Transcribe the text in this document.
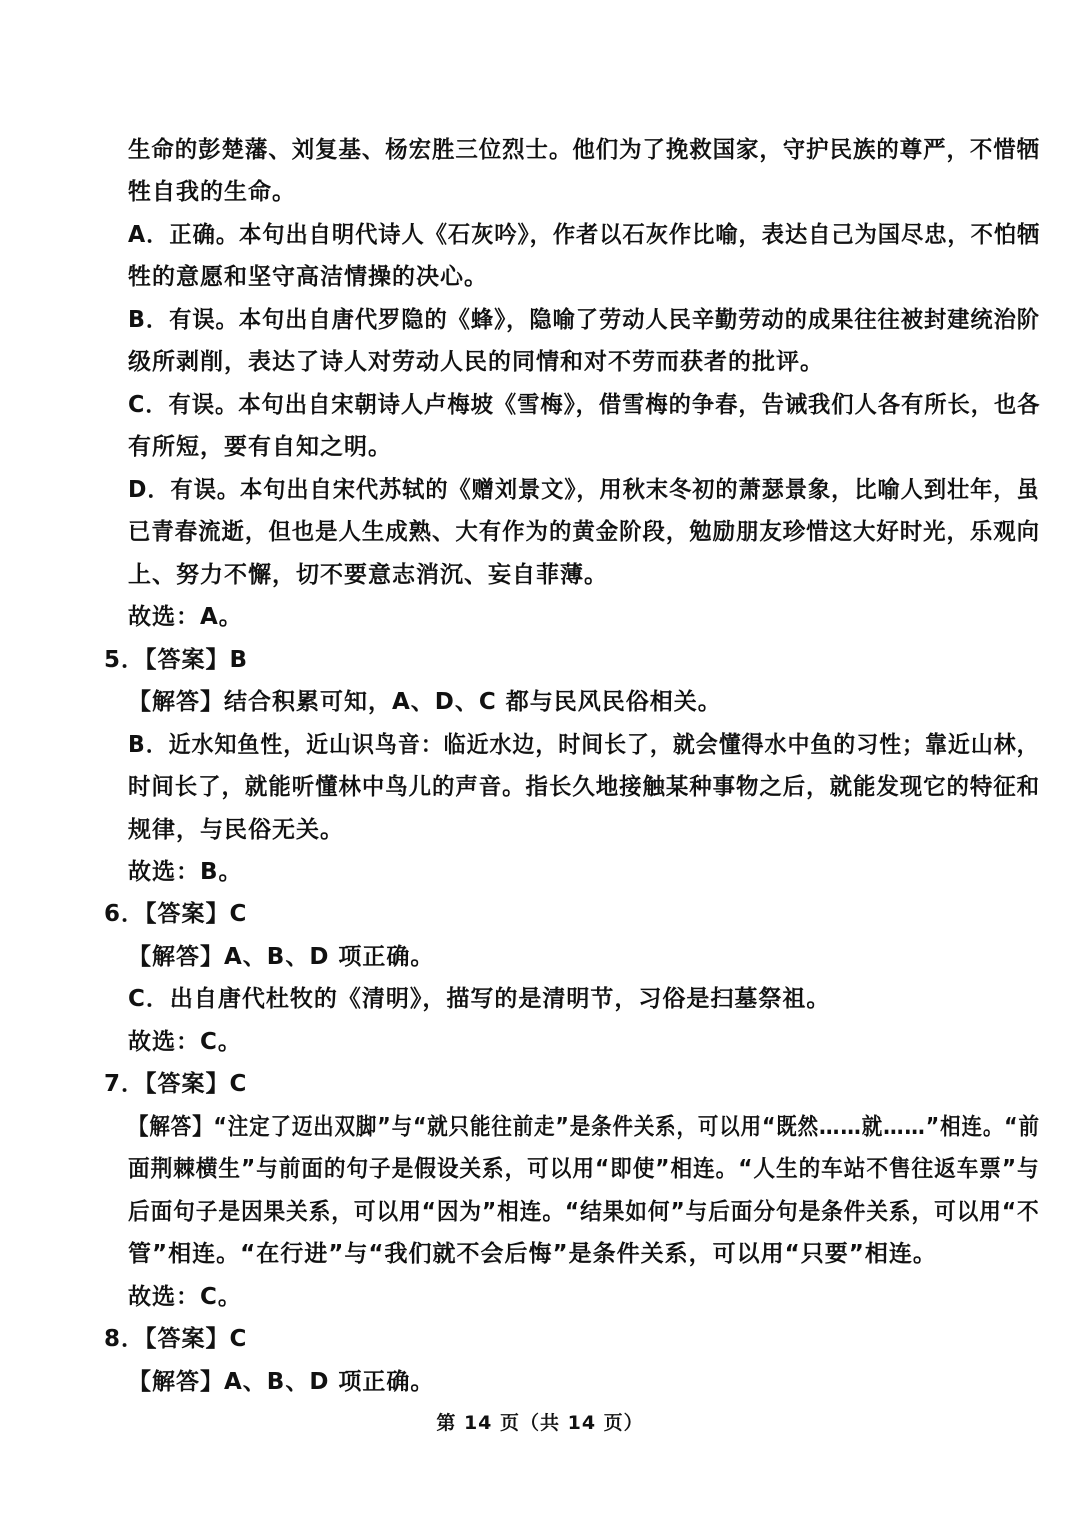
生命的彭楚藩、刘复基、杨宏胜三位烈士。他们为了挽救国家，守护民族的尊严，不惜牺
牲自我的生命。
A．正确。本句出自明代诗人《石灰吟》，作者以石灰作比喻，表达自己为国尽忠，不怕牺
牲的意愿和坚守高洁情操的决心。
B．有误。本句出自唐代罗隐的《蜂》，隐喻了劳动人民辛勤劳动的成果往往被封建统治阶
级所剥削，表达了诗人对劳动人民的同情和对不劳而获者的批评。
C．有误。本句出自宋朝诗人卢梅坡《雪梅》，借雪梅的争春，告诫我们人各有所长，也各
有所短，要有自知之明。
D．有误。本句出自宋代苏轼的《赠刘景文》，用秋末冬初的萧瑟景象，比喻人到壮年，虽
已青春流逝，但也是人生成熟、大有作为的黄金阶段，勉励朋友珍惜这大好时光，乐观向
上、努力不懈，切不要意志消沉、妄自菲薄。
故选：A。
5．【答案】B
【解答】结合积累可知，A、D、C 都与民风民俗相关。
B．近水知鱼性，近山识鸟音：临近水边，时间长了，就会懂得水中鱼的习性；靠近山林，
时间长了，就能听懂林中鸟儿的声音。指长久地接触某种事物之后，就能发现它的特征和
规律，与民俗无关。
故选：B。
6．【答案】C
【解答】A、B、D 项正确。
C．出自唐代杜牧的《清明》，描写的是清明节，习俗是扫墓祭祖。
故选：C。
7．【答案】C
【解答】“注定了迈出双脚”与“就只能往前走”是条件关系，可以用“既然……就……”相连。“前
面荆棘横生”与前面的句子是假设关系，可以用“即使”相连。“人生的车站不售往返车票”与
后面句子是因果关系，可以用“因为”相连。“结果如何”与后面分句是条件关系，可以用“不
管”相连。“在行进”与“我们就不会后悔”是条件关系，可以用“只要”相连。
故选：C。
8．【答案】C
【解答】A、B、D 项正确。
第 14 页（共 14 页）
